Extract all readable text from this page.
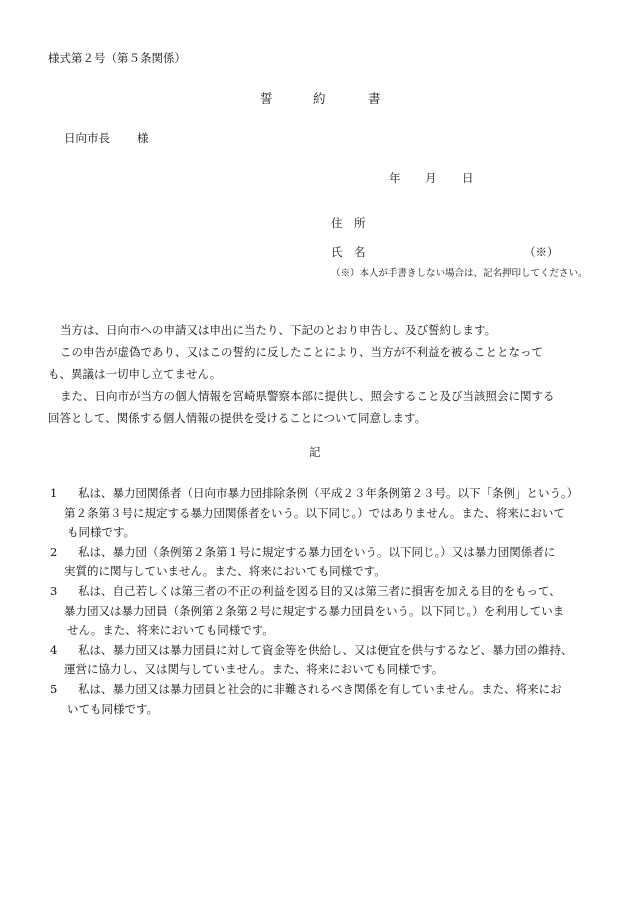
様式第２号（第５条関係）
誓	約	書
日向市長 様
年 月 日
住　所
氏　名	（※）
（※）本人が手書きしない場合は、記名押印してください。

当方は、日向市への申請又は申出に当たり、下記のとおり申告し、及び誓約します。

この申告が虚偽であり、又はこの誓約に反したことにより、当方が不利益を被ることとなって

も、異議は一切申し立てません。

また、日向市が当方の個人情報を宮崎県警察本部に提供し、照会すること及び当該照会に関する

回答として、関係する個人情報の提供を受けることについて同意します。

記
1	私は、暴力団関係者（日向市暴力団排除条例（平成２３年条例第２３号。以下「条例」という。）
第２条第３号に規定する暴力団関係者をいう。以下同じ。）ではありません。また、将来において
も同様です。
2	私は、暴力団（条例第２条第１号に規定する暴力団をいう。以下同じ。）又は暴力団関係者に
実質的に関与していません。また、将来においても同様です。
3	私は、自己若しくは第三者の不正の利益を図る目的又は第三者に損害を加える目的をもって、
暴力団又は暴力団員（条例第２条第２号に規定する暴力団員をいう。以下同じ。）を利用していま
せん。また、将来においても同様です。
4	私は、暴力団又は暴力団員に対して資金等を供給し、又は便宜を供与するなど、暴力団の維持、
運営に協力し、又は関与していません。また、将来においても同様です。
5	私は、暴力団又は暴力団員と社会的に非難されるべき関係を有していません。また、将来にお
いても同様です。
